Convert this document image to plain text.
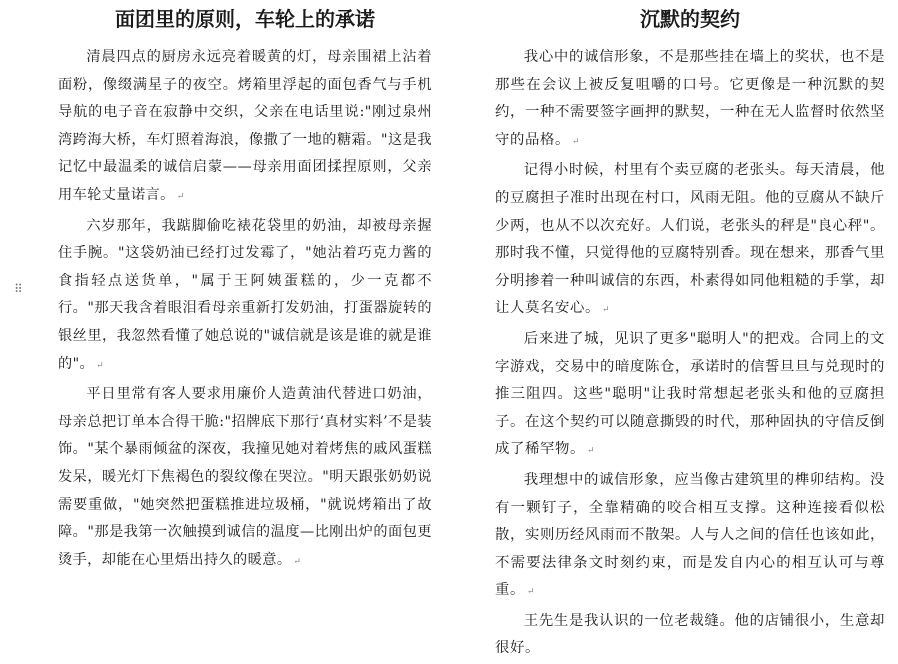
⠿
面团里的原则，车轮上的承诺

清晨四点的厨房永远亮着暖黄的灯，母亲围裙上沾着面粉，像缀满星子的夜空。烤箱里浮起的面包香气与手机导航的电子音在寂静中交织，父亲在电话里说:"刚过泉州湾跨海大桥，车灯照着海浪，像撒了一地的糖霜。"这是我记忆中最温柔的诚信启蒙——母亲用面团揉捏原则，父亲用车轮丈量诺言。 ↵

六岁那年，我踮脚偷吃裱花袋里的奶油，却被母亲握住手腕。"这袋奶油已经打过发霉了，"她沾着巧克力酱的食指轻点送货单，"属于王阿姨蛋糕的，少一克都不行。"那天我含着眼泪看母亲重新打发奶油，打蛋器旋转的银丝里，我忽然看懂了她总说的"诚信就是该是谁的就是谁的"。 ↵

平日里常有客人要求用廉价人造黄油代替进口奶油，母亲总把订单本合得干脆:"招牌底下那行‘真材实料’不是装饰。"某个暴雨倾盆的深夜，我撞见她对着烤焦的戚风蛋糕发呆，暖光灯下焦褐色的裂纹像在哭泣。"明天跟张奶奶说需要重做，"她突然把蛋糕推进垃圾桶，"就说烤箱出了故障。"那是我第一次触摸到诚信的温度—比刚出炉的面包更烫手，却能在心里焐出持久的暖意。 ↵

沉默的契约

我心中的诚信形象，不是那些挂在墙上的奖状，也不是那些在会议上被反复咀嚼的口号。它更像是一种沉默的契约，一种不需要签字画押的默契，一种在无人监督时依然坚守的品格。 ↵

记得小时候，村里有个卖豆腐的老张头。每天清晨，他的豆腐担子准时出现在村口，风雨无阻。他的豆腐从不缺斤少两，也从不以次充好。人们说，老张头的秤是"良心秤"。那时我不懂，只觉得他的豆腐特别香。现在想来，那香气里分明掺着一种叫诚信的东西，朴素得如同他粗糙的手掌，却让人莫名安心。 ↵

后来进了城，见识了更多"聪明人"的把戏。合同上的文字游戏，交易中的暗度陈仓，承诺时的信誓旦旦与兑现时的推三阻四。这些"聪明"让我时常想起老张头和他的豆腐担子。在这个契约可以随意撕毁的时代，那种固执的守信反倒成了稀罕物。 ↵

我理想中的诚信形象，应当像古建筑里的榫卯结构。没有一颗钉子，全靠精确的咬合相互支撑。这种连接看似松散，实则历经风雨而不散架。人与人之间的信任也该如此，不需要法律条文时刻约束，而是发自内心的相互认可与尊重。 ↵

王先生是我认识的一位老裁缝。他的店铺很小，生意却很好。
